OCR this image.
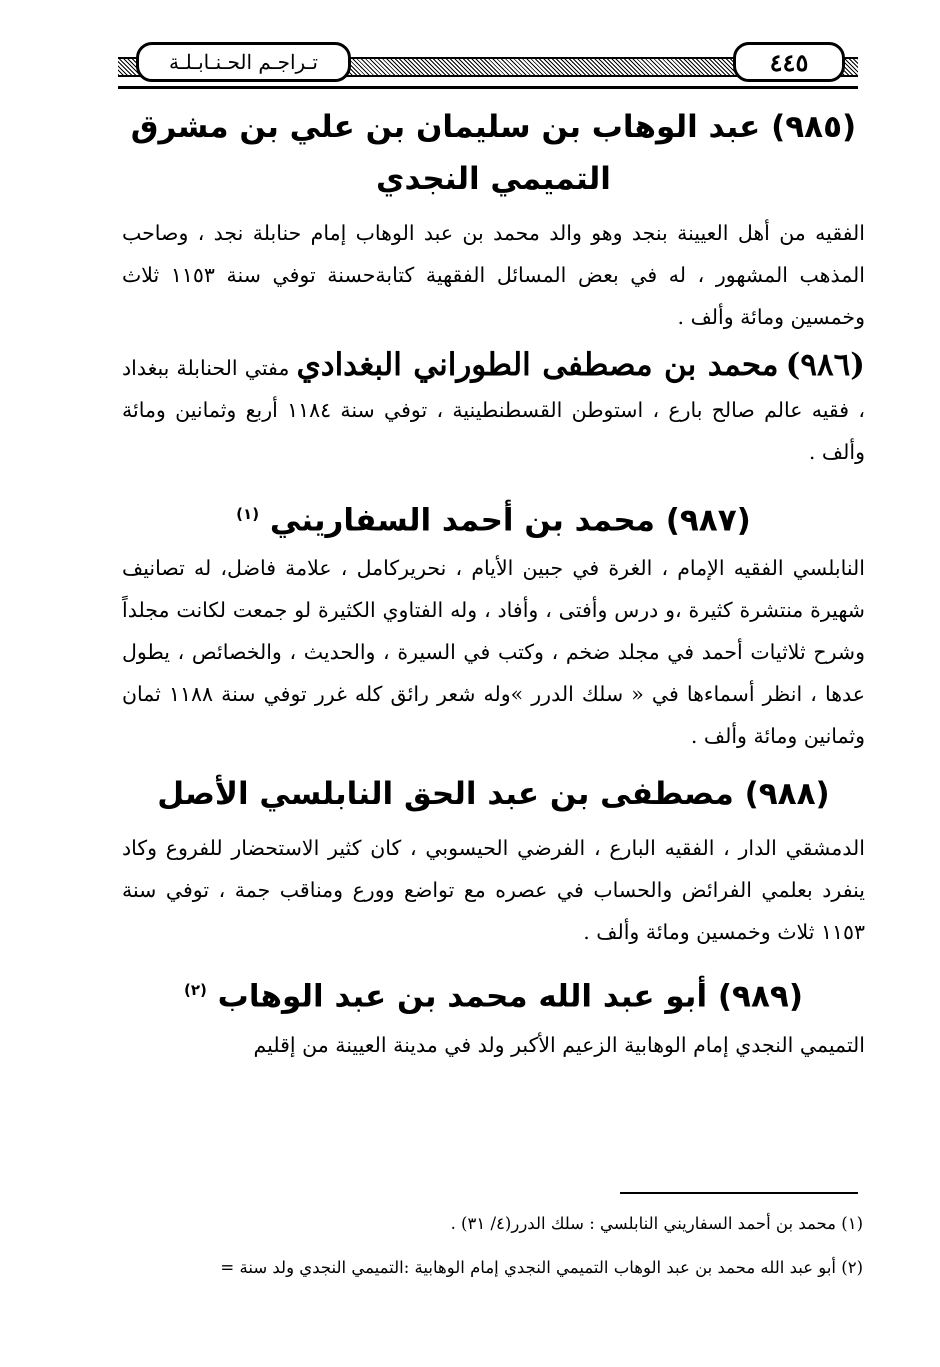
تـراجـم الحـنـابـلـة	٤٤٥
(٩٨٥) عبد الوهاب بن سليمان بن علي بن مشرق
التميمي النجدي

الفقيه من أهل العيينة بنجد وهو والد محمد بن عبد الوهاب إمام حنابلة نجد ، وصاحب المذهب المشهور ، له في بعض المسائل الفقهية كتابةحسنة توفي سنة ١١٥٣ ثلاث وخمسين ومائة وألف .

(٩٨٦) محمد بن مصطفى الطوراني البغدادي مفتي الحنابلة ببغداد ، فقيه عالم صالح بارع ، استوطن القسطنطينية ، توفي سنة ١١٨٤ أربع وثمانين ومائة وألف .

(٩٨٧) محمد بن أحمد السفاريني $^{(١)}$

النابلسي الفقيه الإمام ، الغرة في جبين الأيام ، نحريركامل ، علامة فاضل، له تصانيف شهيرة منتشرة كثيرة ،و درس وأفتى ، وأفاد ، وله الفتاوي الكثيرة لو جمعت لكانت مجلداً وشرح ثلاثيات أحمد في مجلد ضخم ، وكتب في السيرة ، والحديث ، والخصائص ، يطول عدها ، انظر أسماءها في « سلك الدرر »وله شعر رائق كله غرر توفي سنة ١١٨٨ ثمان وثمانين ومائة وألف .

(٩٨٨) مصطفى بن عبد الحق النابلسي الأصل

الدمشقي الدار ، الفقيه البارع ، الفرضي الحيسوبي ، كان كثير الاستحضار للفروع وكاد ينفرد بعلمي الفرائض والحساب في عصره مع تواضع وورع ومناقب جمة ، توفي سنة ١١٥٣ ثلاث وخمسين ومائة وألف .

(٩٨٩) أبو عبد الله محمد بن عبد الوهاب $^{(٢)}$

التميمي النجدي إمام الوهابية الزعيم الأكبر ولد في مدينة العيينة من إقليم

(١) محمد بن أحمد السفاريني النابلسي : سلك الدرر(٤/ ٣١) .

(٢) أبو عبد الله محمد بن عبد الوهاب التميمي النجدي إمام الوهابية :التميمي النجدي ولد سنة =
